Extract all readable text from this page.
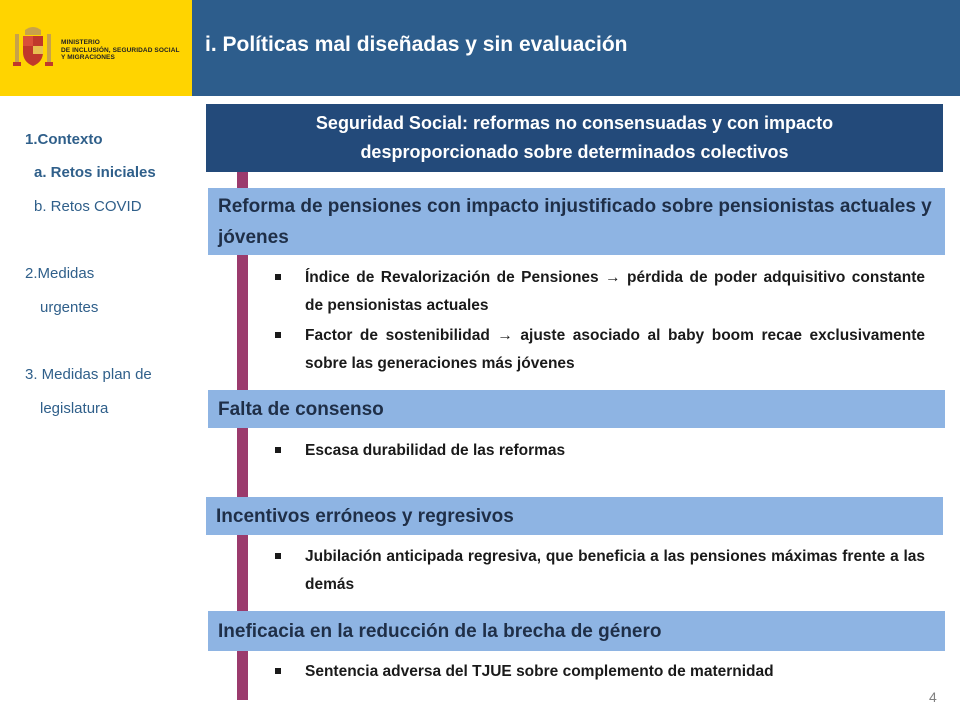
MINISTERIO
DE INCLUSIÓN, SEGURIDAD SOCIAL
Y MIGRACIONES
i. Políticas mal diseñadas y sin evaluación
1.Contexto
a. Retos iniciales
b. Retos COVID
2.Medidas
urgentes
3. Medidas plan de
legislatura
Seguridad Social: reformas no consensuadas y con impacto
desproporcionado sobre determinados colectivos
Reforma de pensiones con impacto injustificado sobre pensionistas actuales y jóvenes
Índice de Revalorización de Pensiones → pérdida de poder adquisitivo constante de pensionistas actuales
Factor de sostenibilidad → ajuste asociado al baby boom recae exclusivamente sobre las generaciones más jóvenes
Falta de consenso
Escasa durabilidad de las reformas
Incentivos erróneos y regresivos
Jubilación anticipada regresiva, que beneficia a las pensiones máximas frente a las demás
Ineficacia en la reducción de la brecha de género
Sentencia adversa del TJUE sobre complemento de maternidad
4
